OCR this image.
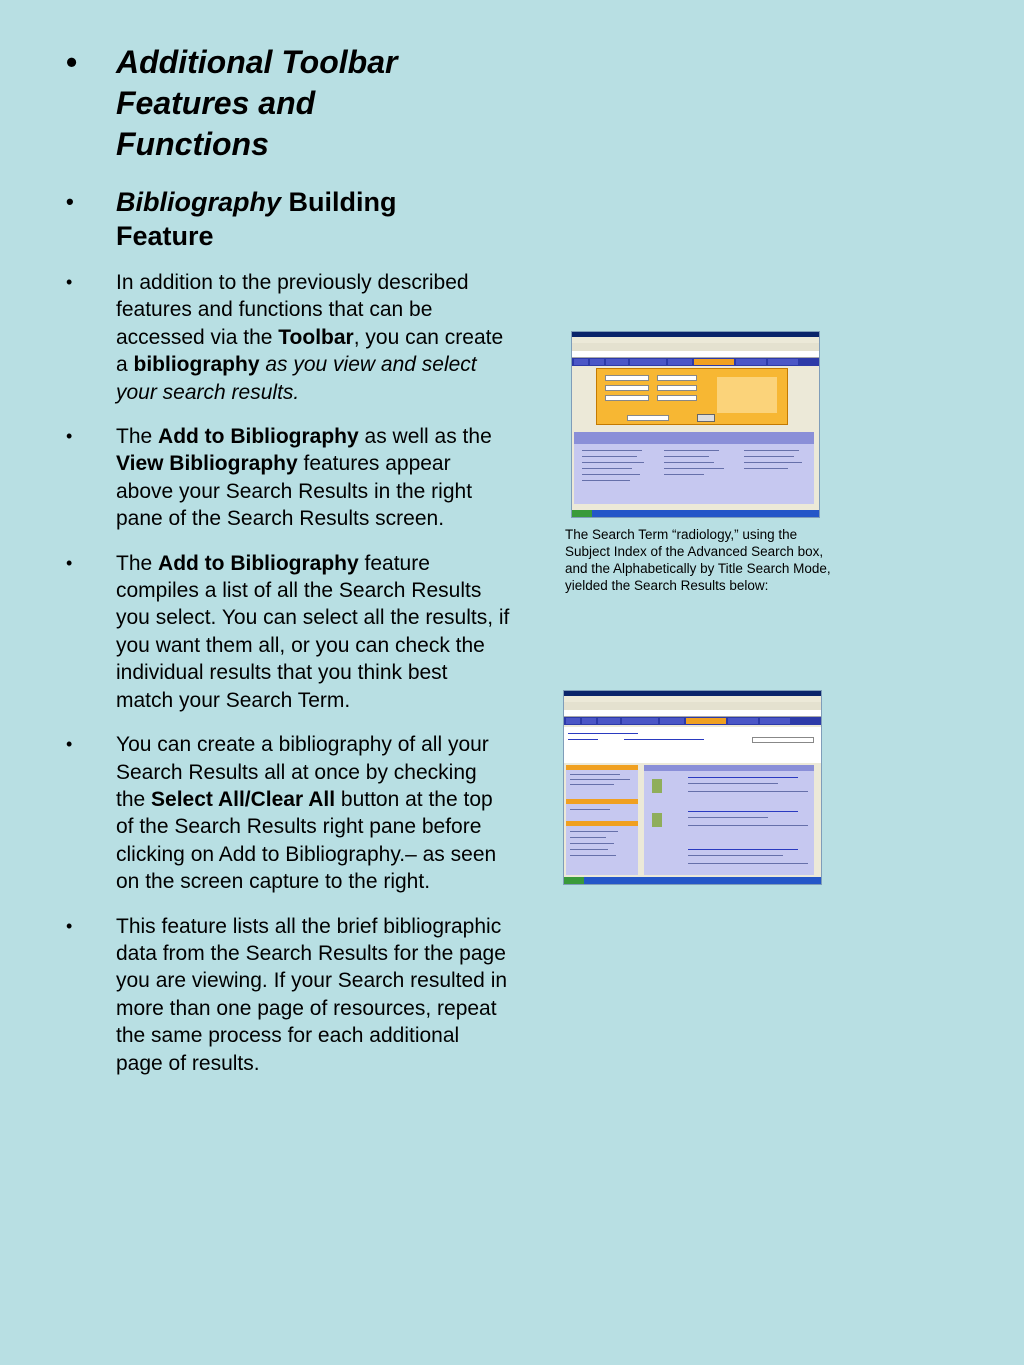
• Additional Toolbar
Features and
Functions
• Bibliography Building
Feature
• In addition to the previously described features and functions that can be accessed via the Toolbar, you can create a bibliography as you view and select your search results.
• The Add to Bibliography as well as the View Bibliography features appear above your Search Results in the right pane of the Search Results screen.
• The Add to Bibliography feature compiles a list of all the Search Results you select. You can select all the results, if you want them all, or you can check the individual results that you think best match your Search Term.
• You can create a bibliography of all your Search Results all at once by checking the Select All/Clear All button at the top of the Search Results right pane before clicking on Add to Bibliography.– as seen on the screen capture to the right.
• This feature lists all the brief bibliographic data from the Search Results for the page you are viewing. If your Search resulted in more than one page of resources, repeat the same process for each additional page of results.
The Search Term “radiology,” using the Subject Index of the Advanced Search box, and the Alphabetically by Title Search Mode, yielded the Search Results below:
